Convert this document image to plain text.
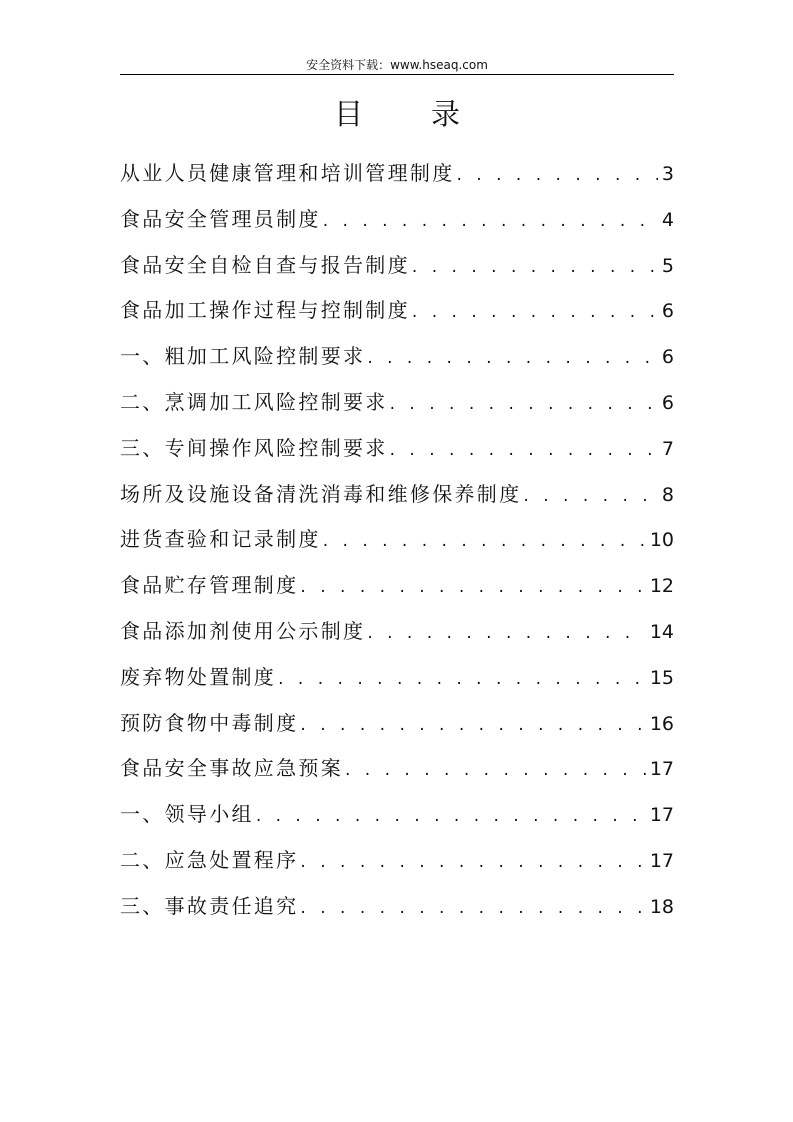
安全资料下载：www.hseaq.com
目 录
从业人员健康管理和培训管理制度 . . .	3
食品安全管理员制度 . . .	4
食品安全自检自查与报告制度 . . .	5
食品加工操作过程与控制制度 . . .	6
一、粗加工风险控制要求 . . .	6
二、烹调加工风险控制要求 . . .	6
三、专间操作风险控制要求 . . .	7
场所及设施设备清洗消毒和维修保养制度 . . .	8
进货查验和记录制度 . . .	10
食品贮存管理制度 . . .	12
食品添加剂使用公示制度 . . .	14
废弃物处置制度 . . .	15
预防食物中毒制度 . . .	16
食品安全事故应急预案 . . .	17
一、领导小组 . . .	17
二、应急处置程序 . . .	17
三、事故责任追究 . . .	18
